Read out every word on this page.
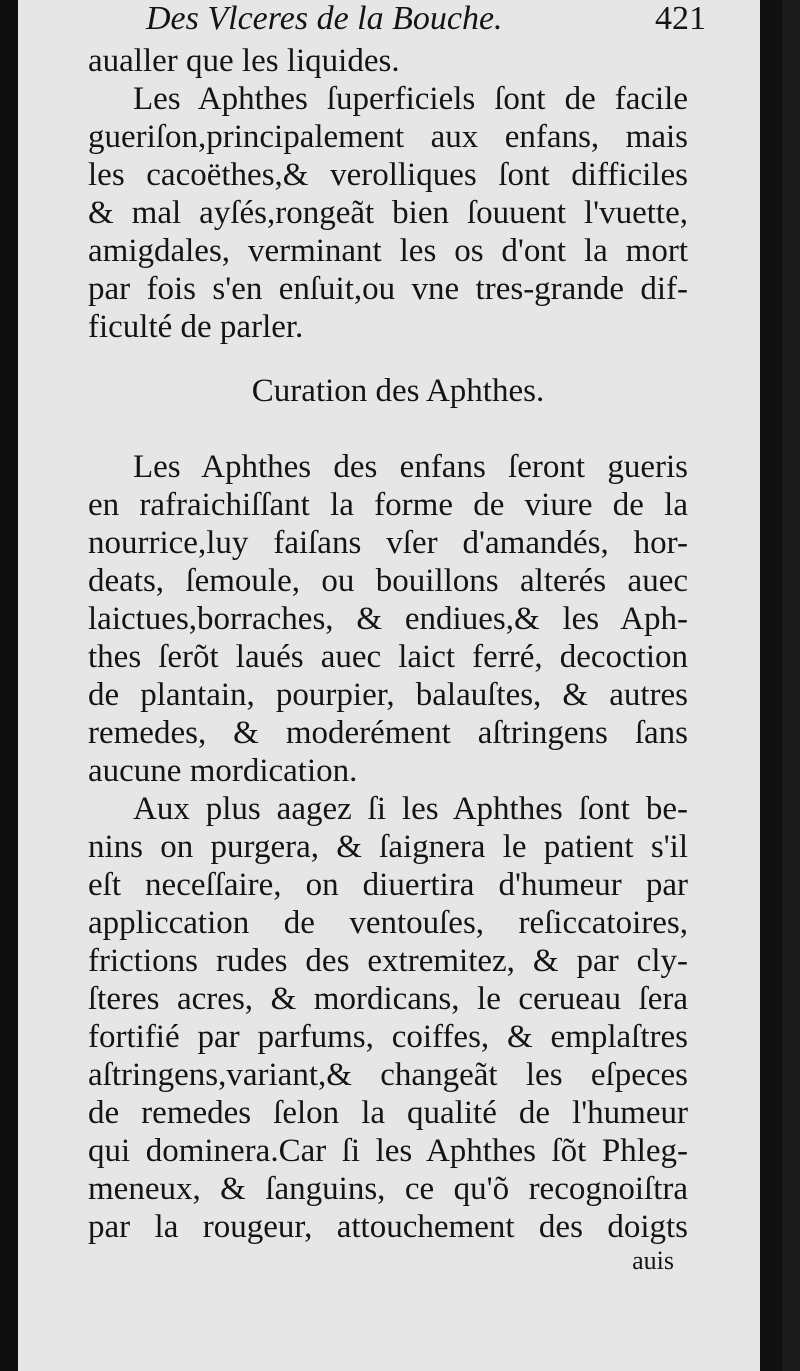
Des Vlceres de la Bouche.	421
aualler que les liquides.
Les Aphthes ſuperficiels ſont de facile
gueriſon,principalement aux enfans, mais
les cacoëthes,& verolliques ſont difficiles
& mal ayſés,rongeãt bien ſouuent l'vuette,
amigdales, verminant les os d'ont la mort
par fois s'en enſuit,ou vne tres-grande dif-
ficulté de parler.
Curation des Aphthes.
Les Aphthes des enfans ſeront gueris
en rafraichiſſant la forme de viure de la
nourrice,luy faiſans vſer d'amandés, hor-
deats, ſemoule, ou bouillons alterés auec
laictues,borraches, & endiues,& les Aph-
thes ſerõt laués auec laict ferré, decoction
de plantain, pourpier, balauſtes, & autres
remedes, & moderément aſtringens ſans
aucune mordication.
Aux plus aagez ſi les Aphthes ſont be-
nins on purgera, & ſaignera le patient s'il
eſt neceſſaire, on diuertira d'humeur par
applicсation de ventouſes, reſiccatoires,
frictions rudes des extremitez, & par cly-
ſteres acres, & mordicans, le cerueau ſera
fortifié par parfums, coiffes, & emplaſtres
aſtringens,variant,& changeãt les eſpeces
de remedes ſelon la qualité de l'humeur
qui dominera.Car ſi les Aphthes ſõt Phleg-
meneux, & ſanguins, ce qu'õ recognoiſtra
par la rougeur, attouchement des doigts
auis
